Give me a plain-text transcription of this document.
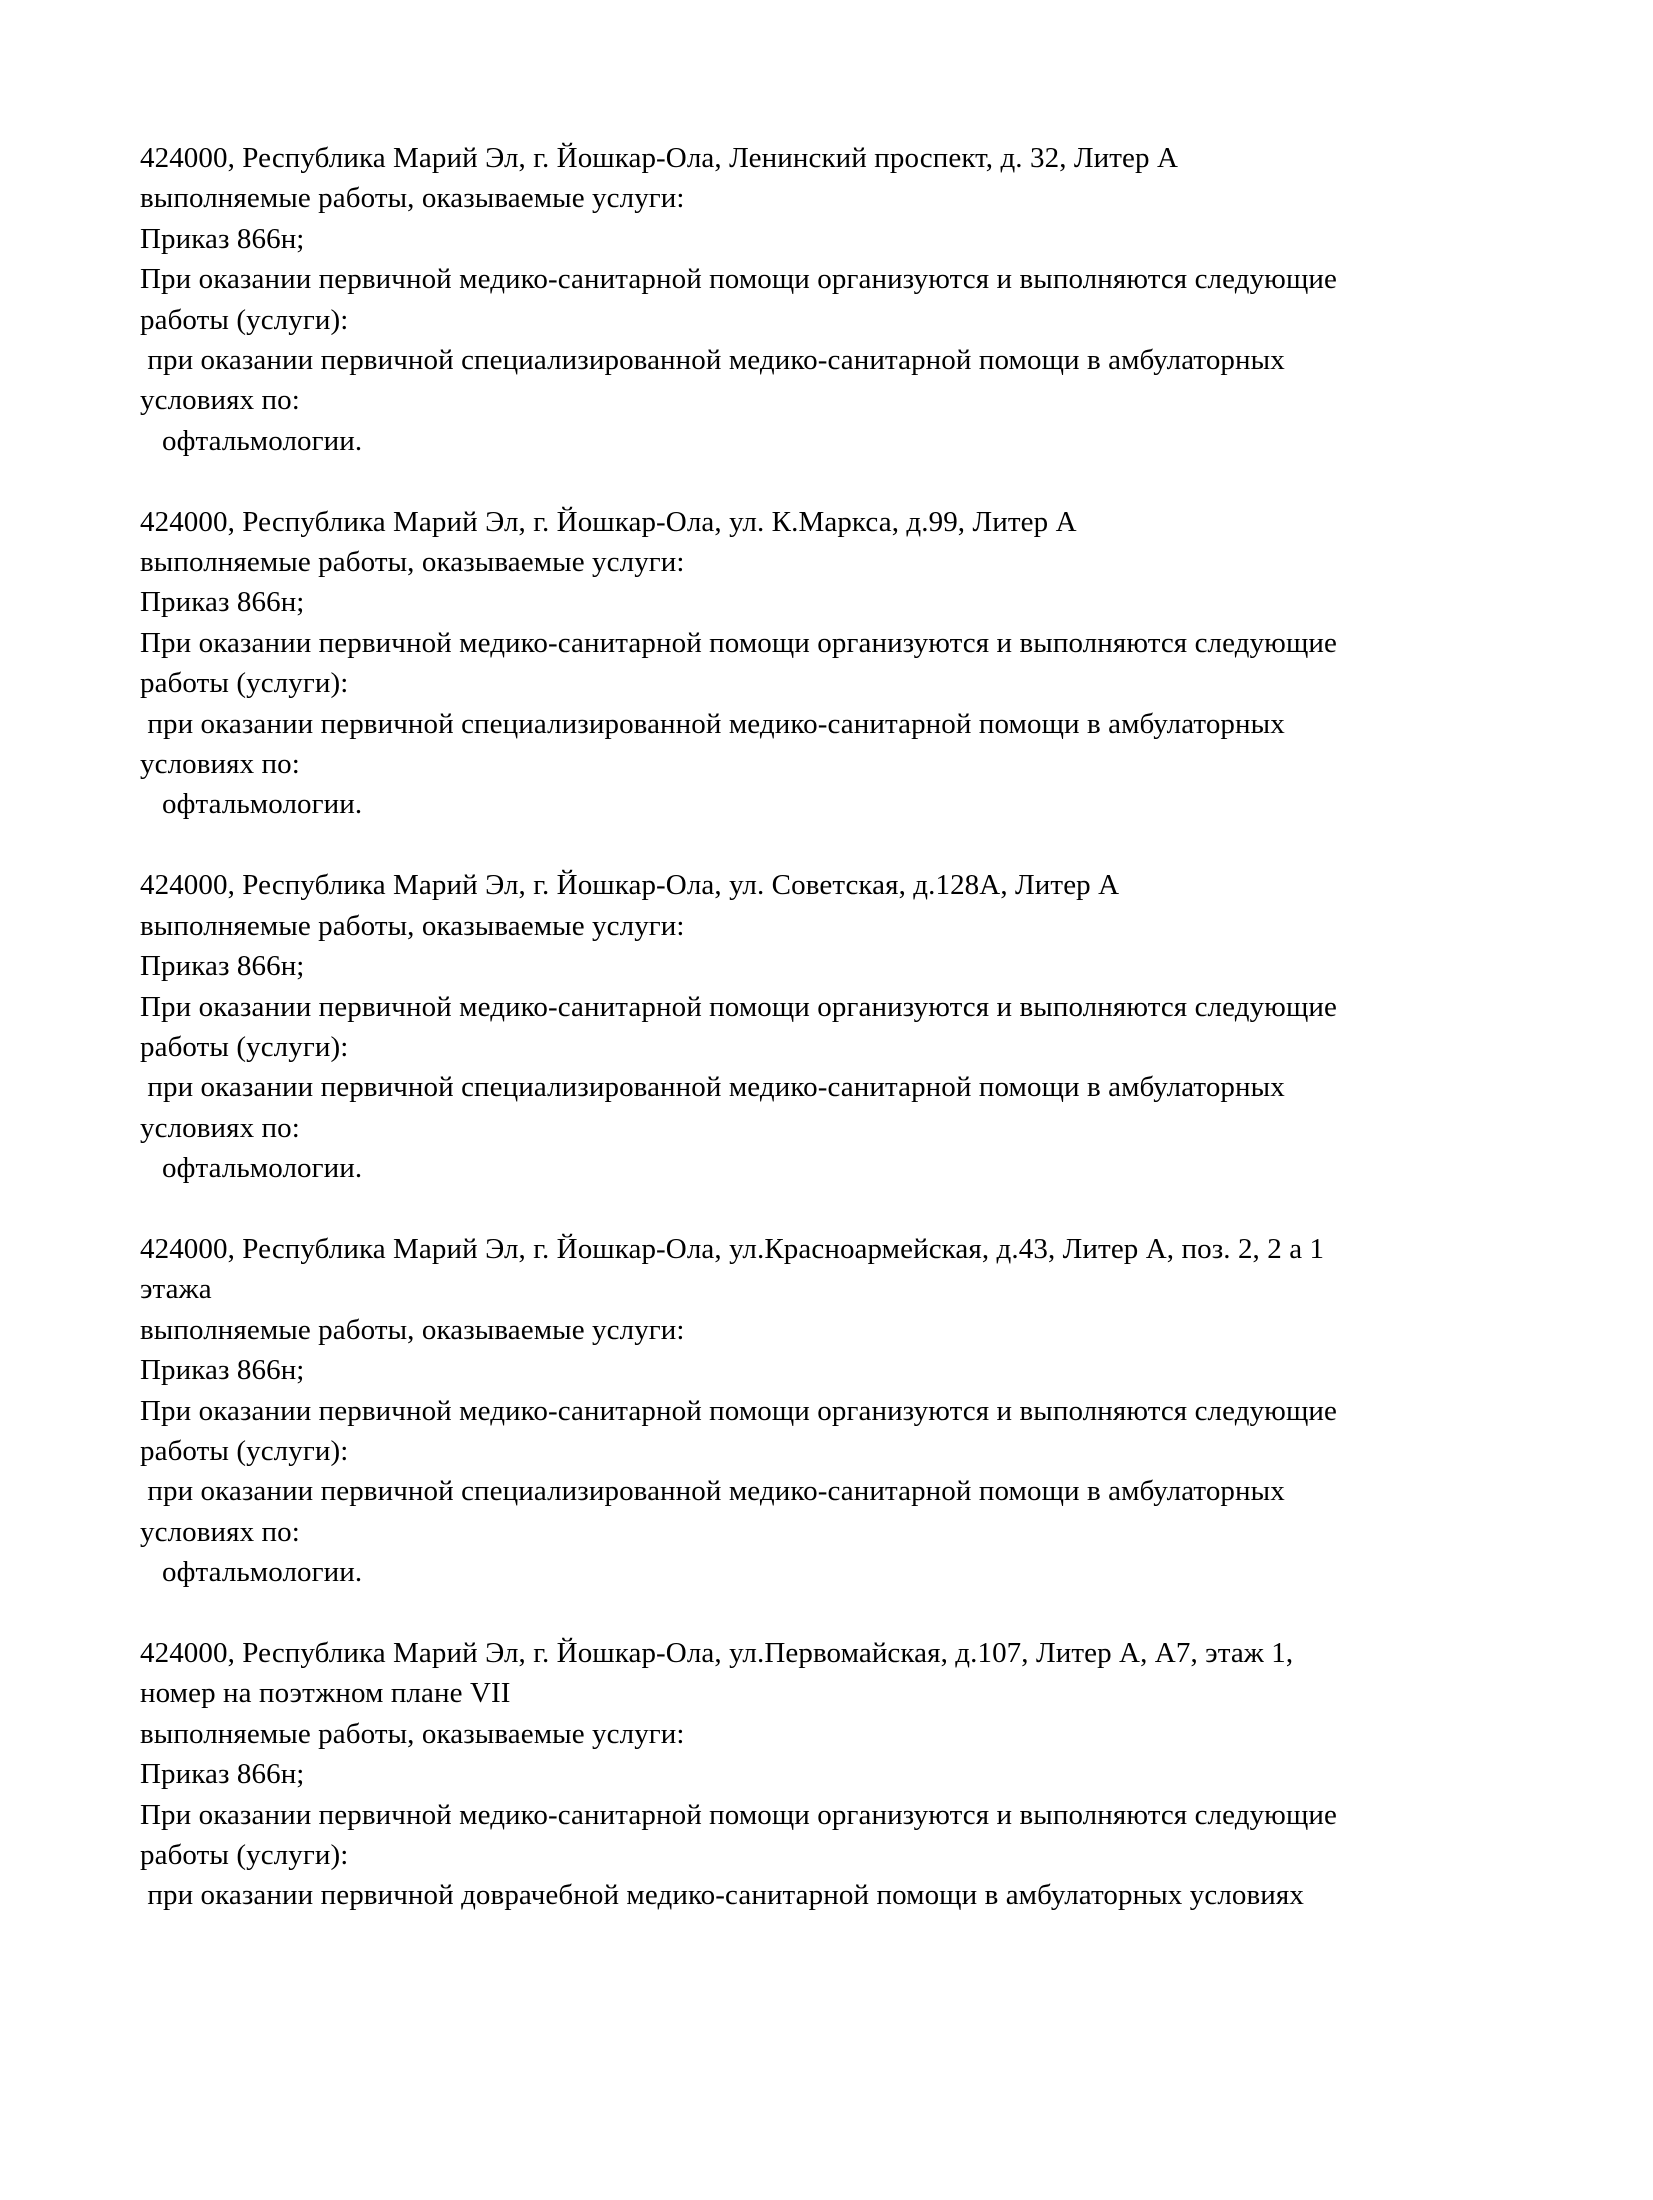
424000, Республика Марий Эл, г. Йошкар-Ола, Ленинский проспект, д. 32, Литер А
выполняемые работы, оказываемые услуги:
Приказ 866н;
При оказании первичной медико-санитарной помощи организуются и выполняются следующие
работы (услуги):
при оказании первичной специализированной медико-санитарной помощи в амбулаторных
условиях по:
офтальмологии.
424000, Республика Марий Эл, г. Йошкар-Ола, ул. К.Маркса, д.99, Литер А
выполняемые работы, оказываемые услуги:
Приказ 866н;
При оказании первичной медико-санитарной помощи организуются и выполняются следующие
работы (услуги):
при оказании первичной специализированной медико-санитарной помощи в амбулаторных
условиях по:
офтальмологии.
424000, Республика Марий Эл, г. Йошкар-Ола, ул. Советская, д.128А, Литер А
выполняемые работы, оказываемые услуги:
Приказ 866н;
При оказании первичной медико-санитарной помощи организуются и выполняются следующие
работы (услуги):
при оказании первичной специализированной медико-санитарной помощи в амбулаторных
условиях по:
офтальмологии.
424000, Республика Марий Эл, г. Йошкар-Ола, ул.Красноармейская, д.43, Литер А, поз. 2, 2 а 1
этажа
выполняемые работы, оказываемые услуги:
Приказ 866н;
При оказании первичной медико-санитарной помощи организуются и выполняются следующие
работы (услуги):
при оказании первичной специализированной медико-санитарной помощи в амбулаторных
условиях по:
офтальмологии.
424000, Республика Марий Эл, г. Йошкар-Ола, ул.Первомайская, д.107, Литер А, А7, этаж 1,
номер на поэтжном плане VII
выполняемые работы, оказываемые услуги:
Приказ 866н;
При оказании первичной медико-санитарной помощи организуются и выполняются следующие
работы (услуги):
при оказании первичной доврачебной медико-санитарной помощи в амбулаторных условиях
